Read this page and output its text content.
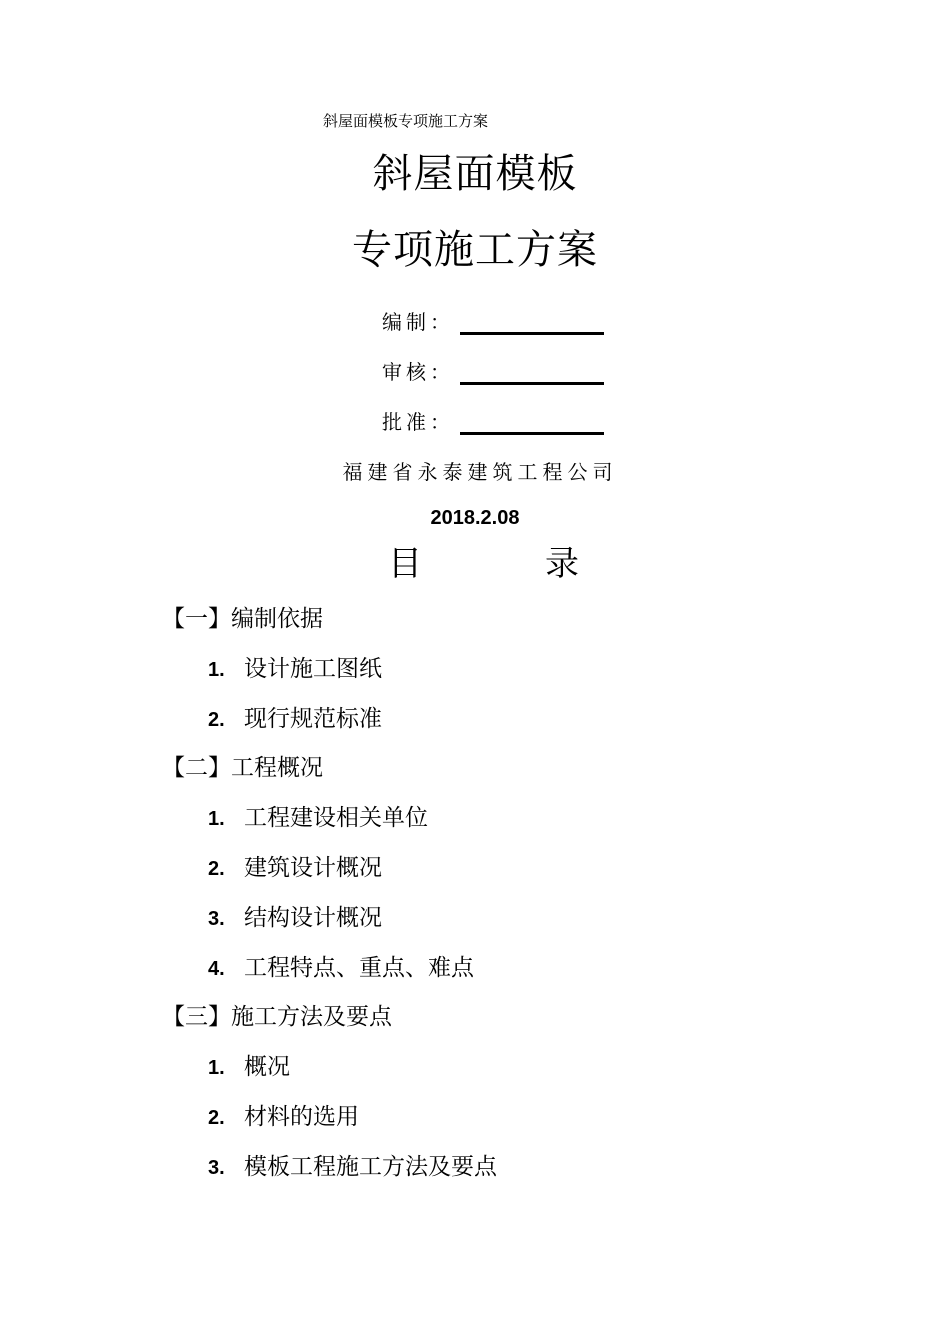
斜屋面模板专项施工方案
斜屋面模板
专项施工方案
编制：
审核：
批准：
福建省永泰建筑工程公司
2018.2.08
目	录
【一】编制依据
1. 设计施工图纸
2. 现行规范标准
【二】工程概况
1. 工程建设相关单位
2. 建筑设计概况
3. 结构设计概况
4. 工程特点、重点、难点
【三】施工方法及要点
1. 概况
2. 材料的选用
3. 模板工程施工方法及要点
